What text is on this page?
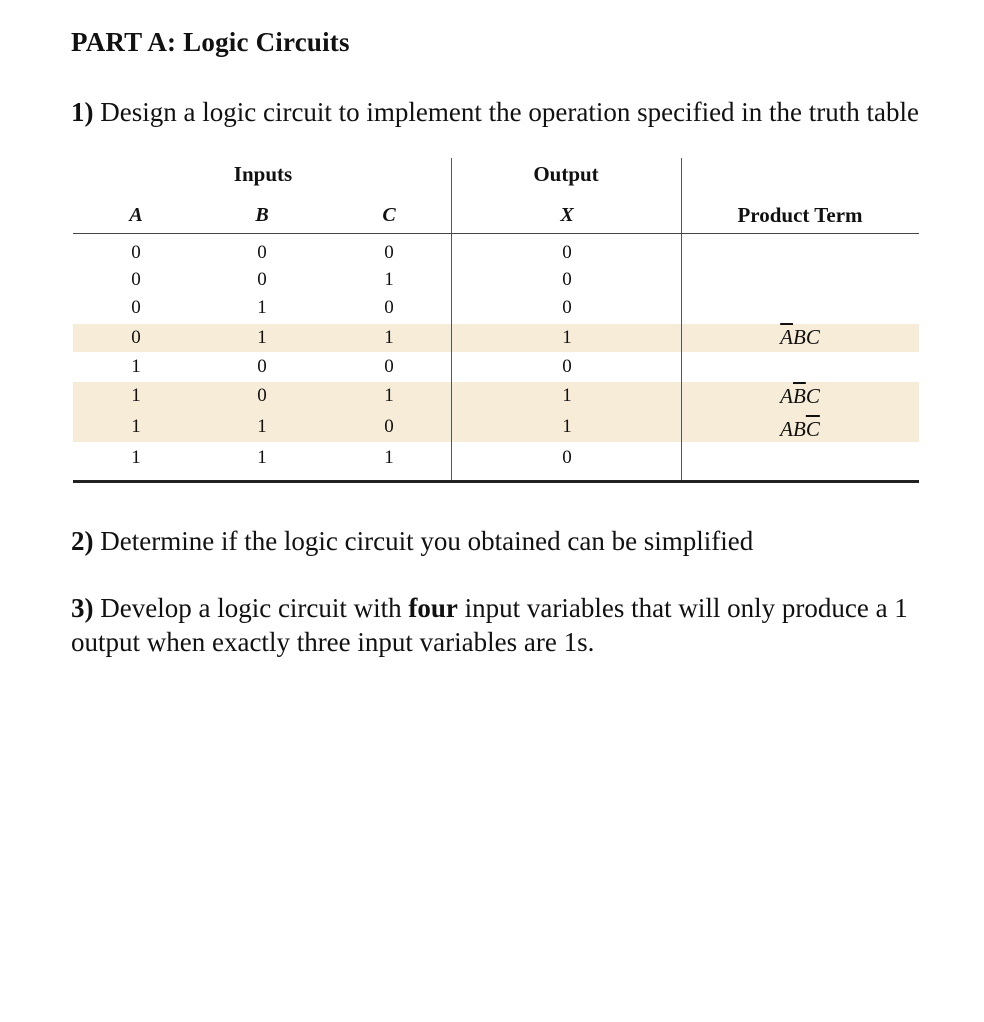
PART A: Logic Circuits
1) Design a logic circuit to implement the operation specified in the truth table
Inputs	Output
A	B	C	X	Product Term
0	0	0	0
0	0	1	0
0	1	0	0
0	1	1	1	$\overline{A}BC$
1	0	0	0
1	0	1	1	$A\overline{B}C$
1	1	0	1	$AB\overline{C}$
1	1	1	0
2) Determine if the logic circuit you obtained can be simplified
3) Develop a logic circuit with four input variables that will only produce a 1 output when exactly three input variables are 1s.
